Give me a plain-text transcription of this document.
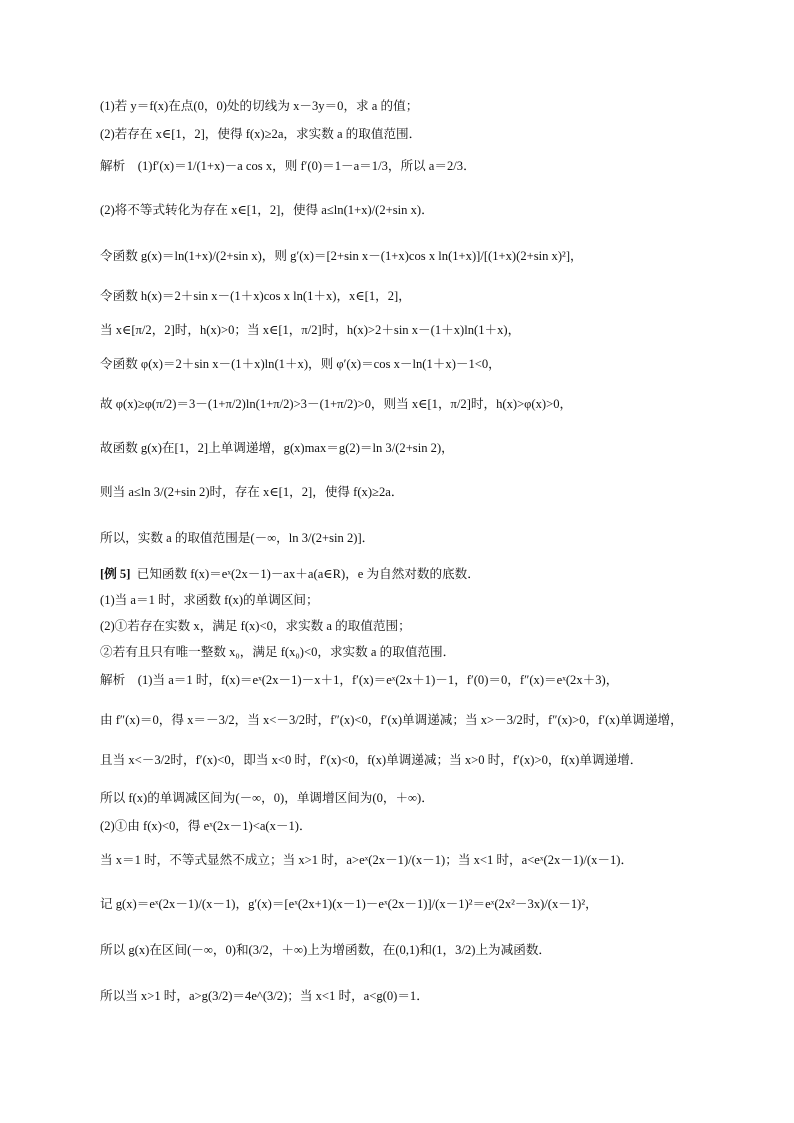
(1)若 y＝f(x)在点(0，0)处的切线为 x－3y＝0，求 a 的值；
(2)若存在 x∈[1，2]，使得 f(x)≥2a，求实数 a 的取值范围．
解析　(1)f′(x)＝1/(1+x)－a cos x，则 f′(0)＝1－a＝1/3，所以 a＝2/3．
(2)将不等式转化为存在 x∈[1，2]，使得 a≤ln(1+x)/(2+sin x)．
令函数 g(x)＝ln(1+x)/(2+sin x)，则 g′(x)＝[2+sin x－(1+x)cos x ln(1+x)]/[(1+x)(2+sin x)²]，
令函数 h(x)＝2＋sin x－(1＋x)cos x ln(1＋x)，x∈[1，2]，
当 x∈[π/2，2]时，h(x)>0；当 x∈[1，π/2]时，h(x)>2＋sin x－(1＋x)ln(1＋x)，
令函数 φ(x)＝2＋sin x－(1＋x)ln(1＋x)，则 φ′(x)＝cos x－ln(1＋x)－1<0，
故 φ(x)≥φ(π/2)＝3－(1+π/2)ln(1+π/2)>3－(1+π/2)>0，则当 x∈[1，π/2]时，h(x)>φ(x)>0，
故函数 g(x)在[1，2]上单调递增，g(x)max＝g(2)＝ln 3/(2+sin 2)，
则当 a≤ln 3/(2+sin 2)时，存在 x∈[1，2]，使得 f(x)≥2a．
所以，实数 a 的取值范围是(－∞，ln 3/(2+sin 2)]．
[例 5] 已知函数 f(x)＝eˣ(2x－1)－ax＋a(a∈R)，e 为自然对数的底数．
(1)当 a＝1 时，求函数 f(x)的单调区间；
(2)①若存在实数 x，满足 f(x)<0，求实数 a 的取值范围；
②若有且只有唯一整数 x₀，满足 f(x₀)<0，求实数 a 的取值范围．
解析　(1)当 a＝1 时，f(x)＝eˣ(2x－1)－x＋1，f′(x)＝eˣ(2x＋1)－1，f′(0)＝0，f″(x)＝eˣ(2x＋3)，
由 f″(x)＝0，得 x＝－3/2，当 x<－3/2时，f″(x)<0，f′(x)单调递减；当 x>－3/2时，f″(x)>0，f′(x)单调递增，
且当 x<－3/2时，f′(x)<0，即当 x<0 时，f′(x)<0，f(x)单调递减；当 x>0 时，f′(x)>0，f(x)单调递增．
所以 f(x)的单调减区间为(－∞，0)，单调增区间为(0，＋∞)．
(2)①由 f(x)<0，得 eˣ(2x－1)<a(x－1)．
当 x＝1 时，不等式显然不成立；当 x>1 时，a>eˣ(2x－1)/(x－1)；当 x<1 时，a<eˣ(2x－1)/(x－1)．
记 g(x)＝eˣ(2x－1)/(x－1)，g′(x)＝[eˣ(2x+1)(x－1)－eˣ(2x－1)]/(x－1)²＝eˣ(2x²－3x)/(x－1)²，
所以 g(x)在区间(－∞，0)和(3/2，＋∞)上为增函数，在(0,1)和(1，3/2)上为减函数．
所以当 x>1 时，a>g(3/2)＝4e^(3/2)；当 x<1 时，a<g(0)＝1．
